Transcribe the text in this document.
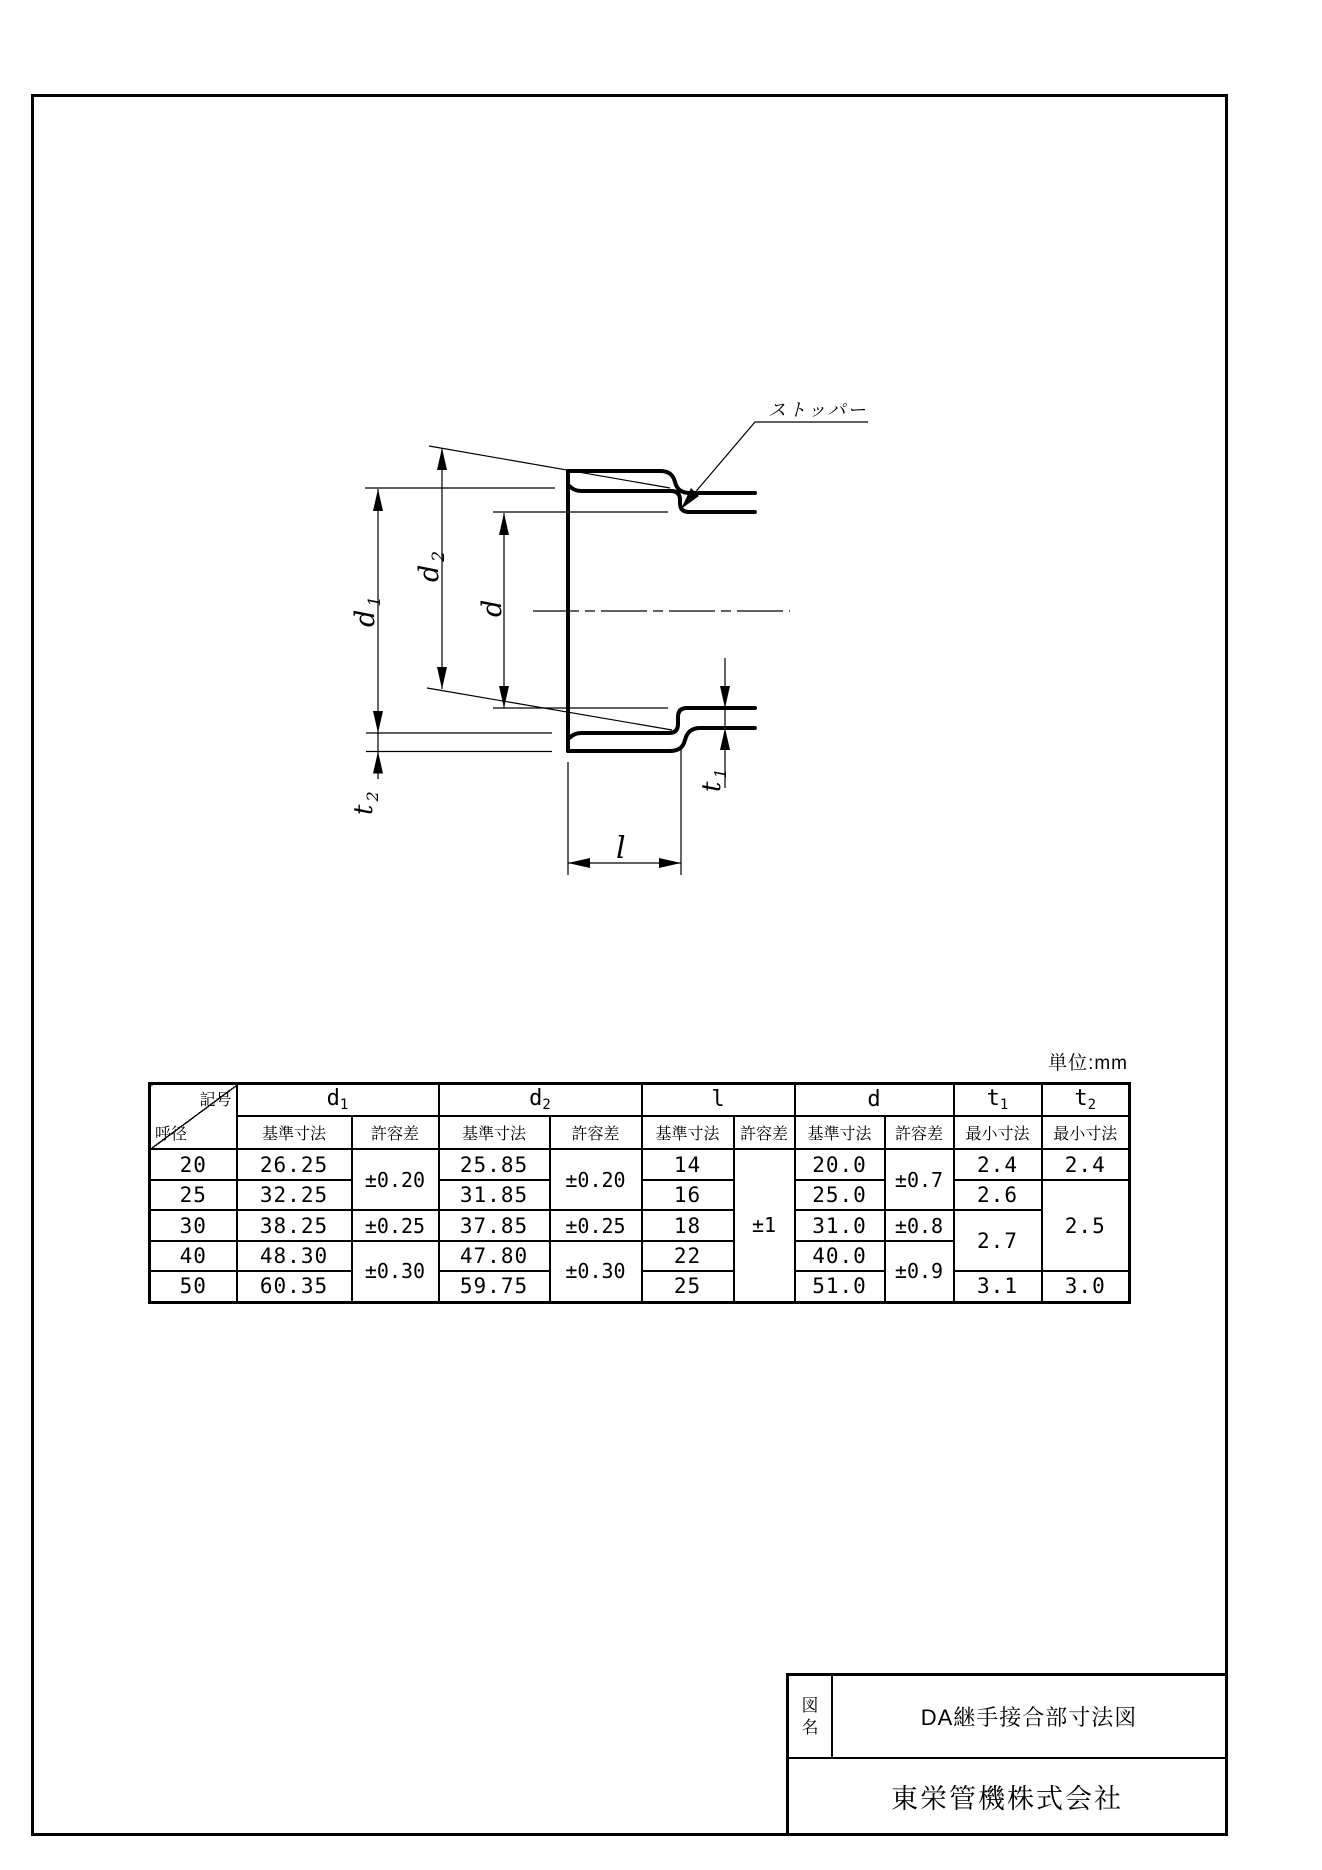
$d_1$
$d_2$
d
$t_1$
$t_2$
l
ストッパー
単位:mm
記号
呼径	$d_1$		$d_2$		l		d		$t_1$	$t_2$
	基準寸法	許容差	基準寸法	許容差	基準寸法	許容差	基準寸法	許容差	最小寸法	最小寸法
20	26.25	±0.20	25.85	±0.20	14	±1	20.0	±0.7	2.4	2.4
25	32.25		31.85		16		25.0		2.6	2.5

30	38.25	±0.25	37.85	±0.25	18		31.0	±0.8	2.7	

40	48.30	±0.30	47.80	±0.30	22		40.0	±0.9		

50	60.35		59.75		25		51.0		3.1	3.0
図名	DA継手接合部寸法図
東栄管機株式会社
